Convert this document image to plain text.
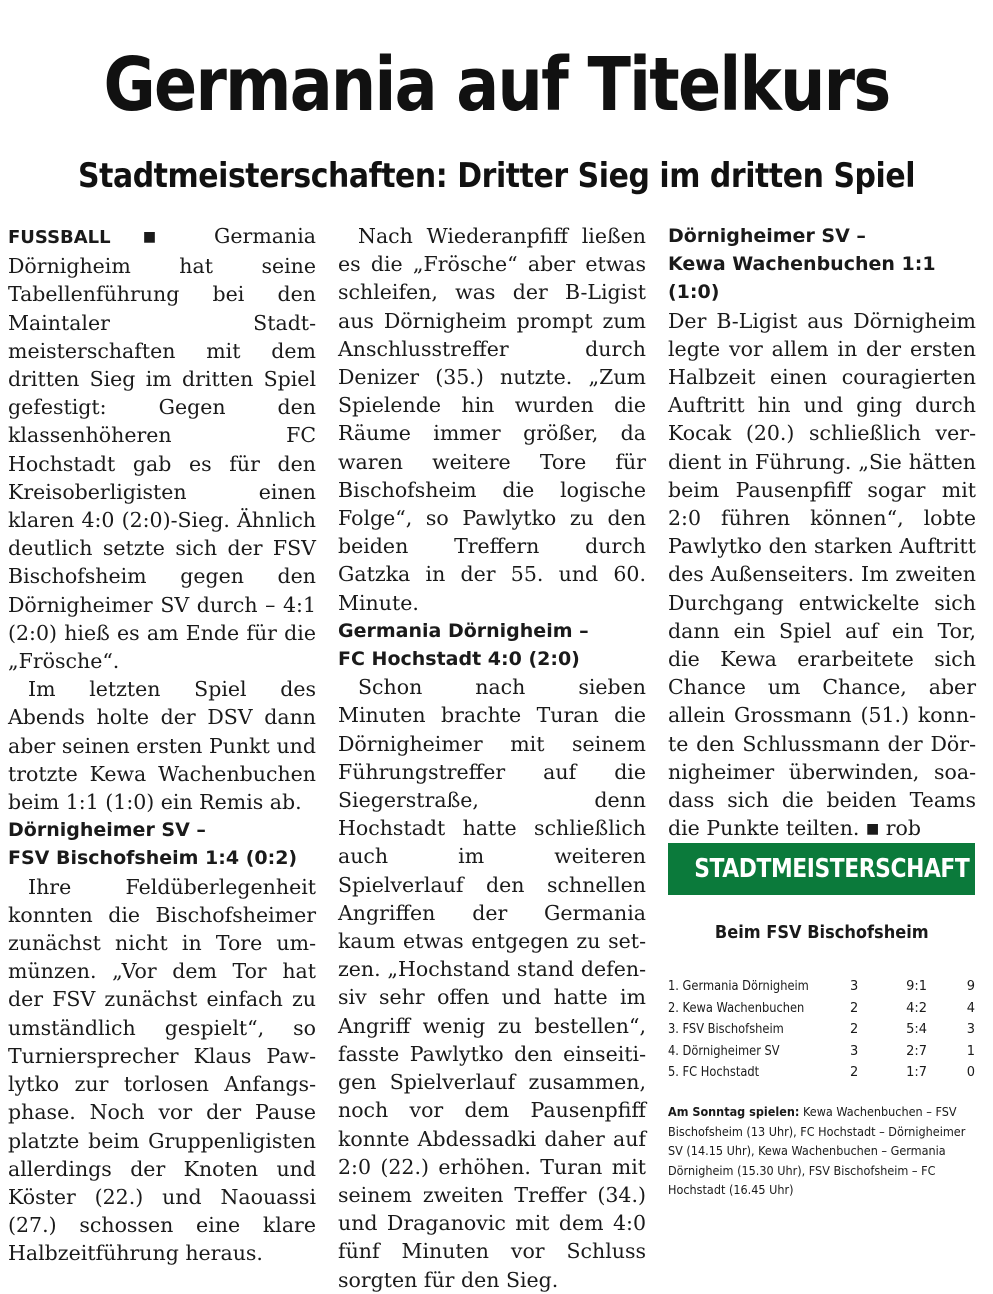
Germania auf Titelkurs
Stadtmeisterschaften: Dritter Sieg im dritten Spiel

FUSSBALL ■ Germania Dörnigheim hat seine Tabellenführung bei den Maintaler Stadtmeisterschaften mit dem dritten Sieg im dritten Spiel gefestigt: Gegen den klassenhöheren FC Hochstadt gab es für den Kreisoberligisten einen klaren 4:0 (2:0)-Sieg. Ähnlich deutlich setzte sich der FSV Bischofsheim gegen den Dörnigheimer SV durch – 4:1 (2:0) hieß es am Ende für die „Frösche“.

Im letzten Spiel des Abends holte der DSV dann aber seinen ersten Punkt und trotzte Kewa Wachenbuchen beim 1:1 (1:0) ein Remis ab.

Dörnigheimer SV –
FSV Bischofsheim 1:4 (0:2)

Ihre Feldüberlegenheit konnten die Bischofsheimer zunächst nicht in Tore ummünzen. „Vor dem Tor hat der FSV zunächst einfach zu umständlich gespielt“, so Turniersprecher Klaus Pawlytko zur torlosen Anfangsphase. Noch vor der Pause platzte beim Gruppenligisten allerdings der Knoten und Köster (22.) und Naouassi (27.) schossen eine klare Halbzeitführung heraus.

Nach Wiederanpfiff ließen es die „Frösche“ aber etwas schleifen, was der B-Ligist aus Dörnigheim prompt zum Anschlusstreffer durch Denizer (35.) nutzte. „Zum Spielende hin wurden die Räume immer größer, da waren weitere Tore für Bischofsheim die logische Folge“, so Pawlytko zu den beiden Treffern durch Gatzka in der 55. und 60. Minute.

Germania Dörnigheim –
FC Hochstadt 4:0 (2:0)

Schon nach sieben Minuten brachte Turan die Dörnigheimer mit seinem Führungstreffer auf die Siegerstraße, denn Hochstadt hatte schließlich auch im weiteren Spielverlauf den schnellen Angriffen der Germania kaum etwas entgegen zu setzen. „Hochstand stand defensiv sehr offen und hatte im Angriff wenig zu bestellen“, fasste Pawlytko den einseitigen Spielverlauf zusammen, noch vor dem Pausenpfiff konnte Abdessadki daher auf 2:0 (22.) erhöhen. Turan mit seinem zweiten Treffer (34.) und Draganovic mit dem 4:0 fünf Minuten vor Schluss sorgten für den Sieg.

Dörnigheimer SV –
Kewa Wachenbuchen 1:1 (1:0)

Der B-Ligist aus Dörnigheim legte vor allem in der ersten Halbzeit einen couragierten Auftritt hin und ging durch Kocak (20.) schließlich verdient in Führung. „Sie hätten beim Pausenpfiff sogar mit 2:0 führen können“, lobte Pawlytko den starken Auftritt des Außenseiters. Im zweiten Durchgang entwickelte sich dann ein Spiel auf ein Tor, die Kewa erarbeitete sich Chance um Chance, aber allein Grossmann (51.) konnte den Schlussmann der Dörnigheimer überwinden, soadass sich die beiden Teams die Punkte teilten. ■ rob

STADTMEISTERSCHAFT
Beim FSV Bischofsheim
1. Germania Dörnigheim	3	9:1	9
2. Kewa Wachenbuchen	2	4:2	4
3. FSV Bischofsheim	2	5:4	3
4. Dörnigheimer SV	3	2:7	1
5. FC Hochstadt	2	1:7	0

Am Sonntag spielen: Kewa Wachenbuchen – FSV Bischofsheim (13 Uhr), FC Hochstadt – Dörnigheimer SV (14.15 Uhr), Kewa Wachenbuchen – Germania Dörnigheim (15.30 Uhr), FSV Bischofsheim – FC Hochstadt (16.45 Uhr)
